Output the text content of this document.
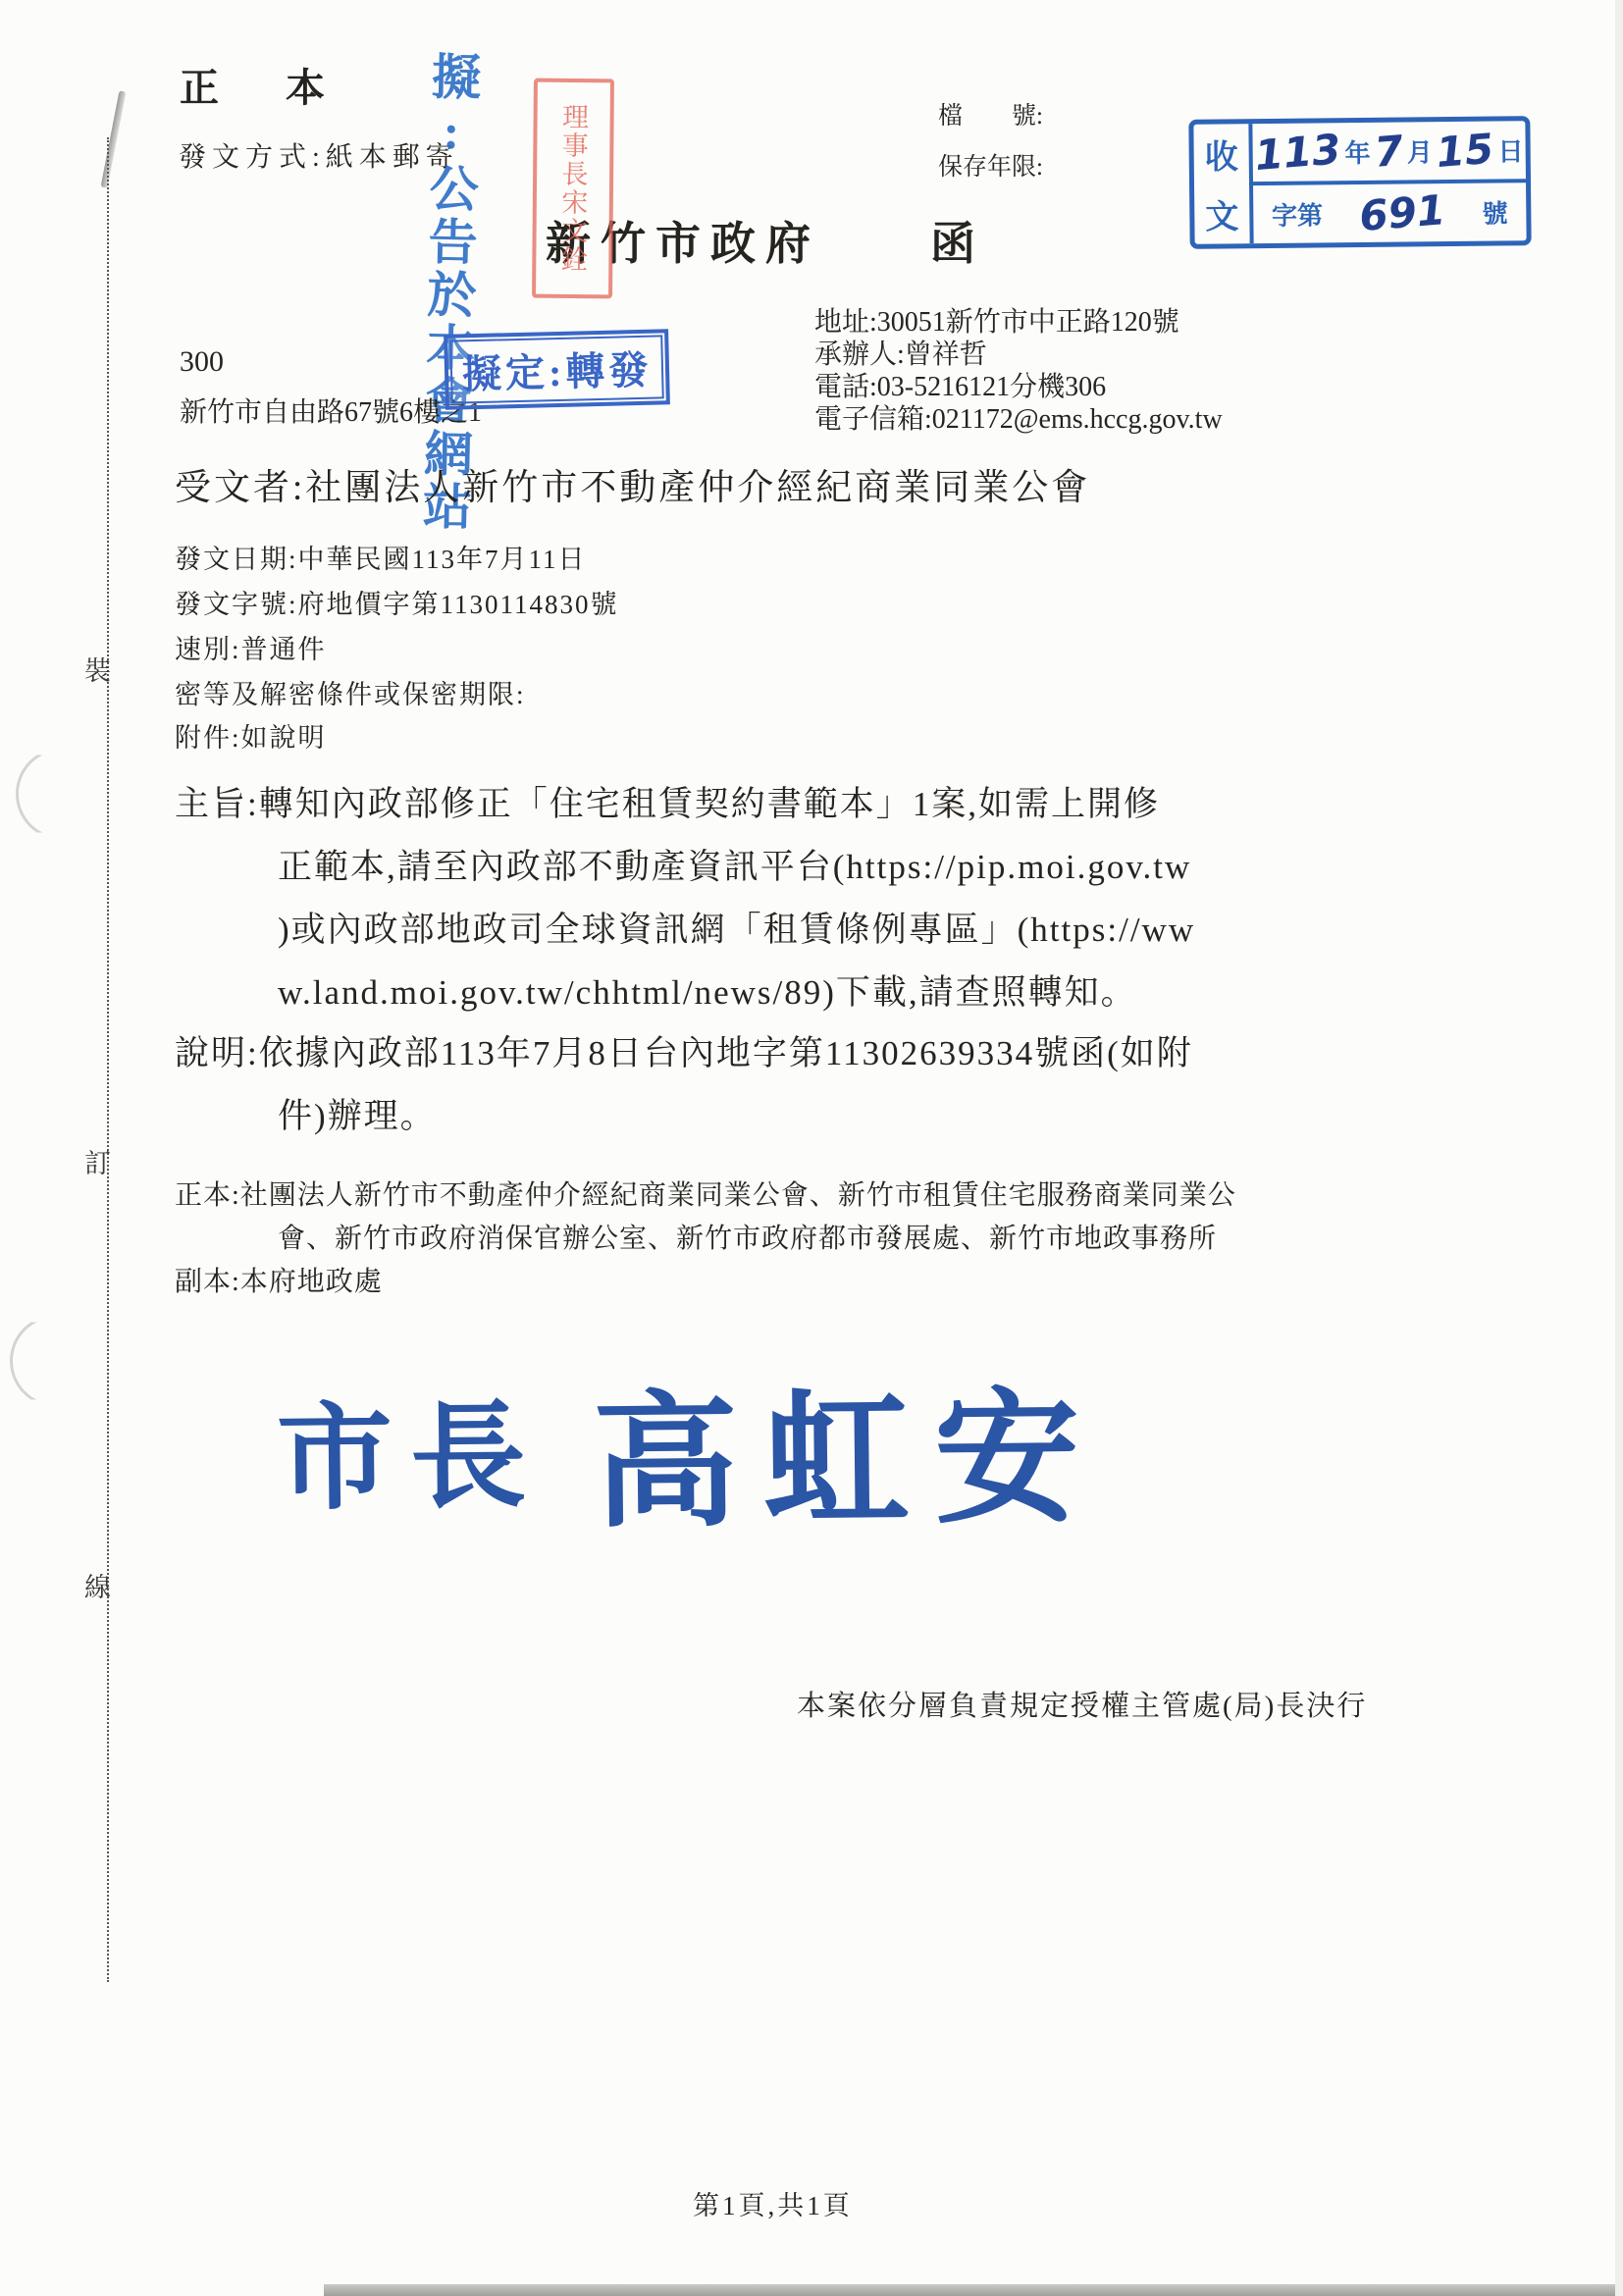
裝
訂
線
正　本
發文方式:紙本郵寄
檔　　號:
保存年限:
新竹市政府　　函
擬:公告於本會網站	理事長宋文銓	收
文
113 年 7 月 15 日
字第 691 號
地址:30051新竹市中正路120號
承辦人:曾祥哲
電話:03-5216121分機306
電子信箱:021172@ems.hccg.gov.tw
300
新竹市自由路67號6樓之1
擬定:轉發
受文者:社團法人新竹市不動產仲介經紀商業同業公會
發文日期:中華民國113年7月11日
發文字號:府地價字第1130114830號
速別:普通件
密等及解密條件或保密期限:
附件:如說明
主旨:轉知內政部修正「住宅租賃契約書範本」1案,如需上開修
正範本,請至內政部不動產資訊平台(https://pip.moi.gov.tw
)或內政部地政司全球資訊網「租賃條例專區」(https://ww
w.land.moi.gov.tw/chhtml/news/89)下載,請查照轉知。
說明:依據內政部113年7月8日台內地字第11302639334號函(如附
件)辦理。
正本:社團法人新竹市不動產仲介經紀商業同業公會、新竹市租賃住宅服務商業同業公
會、新竹市政府消保官辦公室、新竹市政府都市發展處、新竹市地政事務所
副本:本府地政處
市長 高虹安
本案依分層負責規定授權主管處(局)長決行
第1頁,共1頁
